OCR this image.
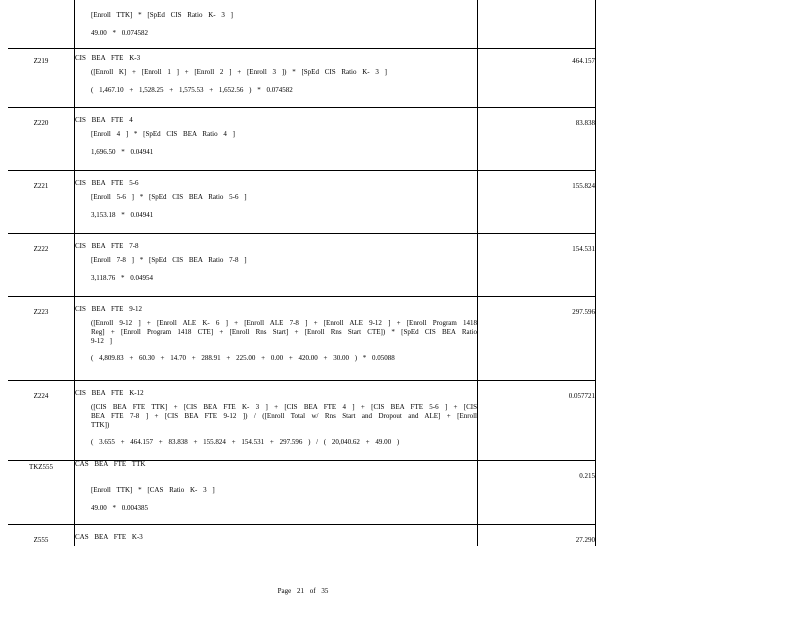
	[Enroll TTK] * [SpEd CIS Ratio K- 3 ]
49.00 * 0.074582	

Z219	CIS BEA FTE K-3
([Enroll K] + [Enroll 1 ] + [Enroll 2 ] + [Enroll 3 ]) * [SpEd CIS Ratio K- 3 ]
( 1,467.10 + 1,528.25 + 1,575.53 + 1,652.56 ) * 0.074582	464.157
Z220	CIS BEA FTE 4
[Enroll 4 ] * [SpEd CIS BEA Ratio 4 ]
1,696.50 * 0.04941	83.838
Z221	CIS BEA FTE 5-6
[Enroll 5-6 ] * [SpEd CIS BEA Ratio 5-6 ]
3,153.18 * 0.04941	155.824
Z222	CIS BEA FTE 7-8
[Enroll 7-8 ] * [SpEd CIS BEA Ratio 7-8 ]
3,118.76 * 0.04954	154.531
Z223	CIS BEA FTE 9-12
([Enroll 9-12 ] + [Enroll ALE K- 6 ] + [Enroll ALE 7-8 ] + [Enroll ALE 9-12 ] + [Enroll Program 1418 Reg] + [Enroll Program 1418 CTE] + [Enroll Rns Start] + [Enroll Rns Start CTE]) * [SpEd CIS BEA Ratio 9-12 ]
( 4,809.83 + 60.30 + 14.70 + 288.91 + 225.00 + 0.00 + 420.00 + 30.00 ) * 0.05088	297.596
Z224	CIS BEA FTE K-12
([CIS BEA FTE TTK] + [CIS BEA FTE K- 3 ] + [CIS BEA FTE 4 ] + [CIS BEA FTE 5-6 ] + [CIS BEA FTE 7-8 ] + [CIS BEA FTE 9-12 ]) / ([Enroll Total w/ Rns Start and Dropout and ALE] + [Enroll TTK])
( 3.655 + 464.157 + 83.838 + 155.824 + 154.531 + 297.596 ) / ( 20,040.62 + 49.00 )	0.057721
TKZ555	CAS BEA FTE TTK
[Enroll TTK] * [CAS Ratio K- 3 ]
49.00 * 0.004385	0.215
Z555	CAS BEA FTE K-3	27.290
Page 21 of 35
